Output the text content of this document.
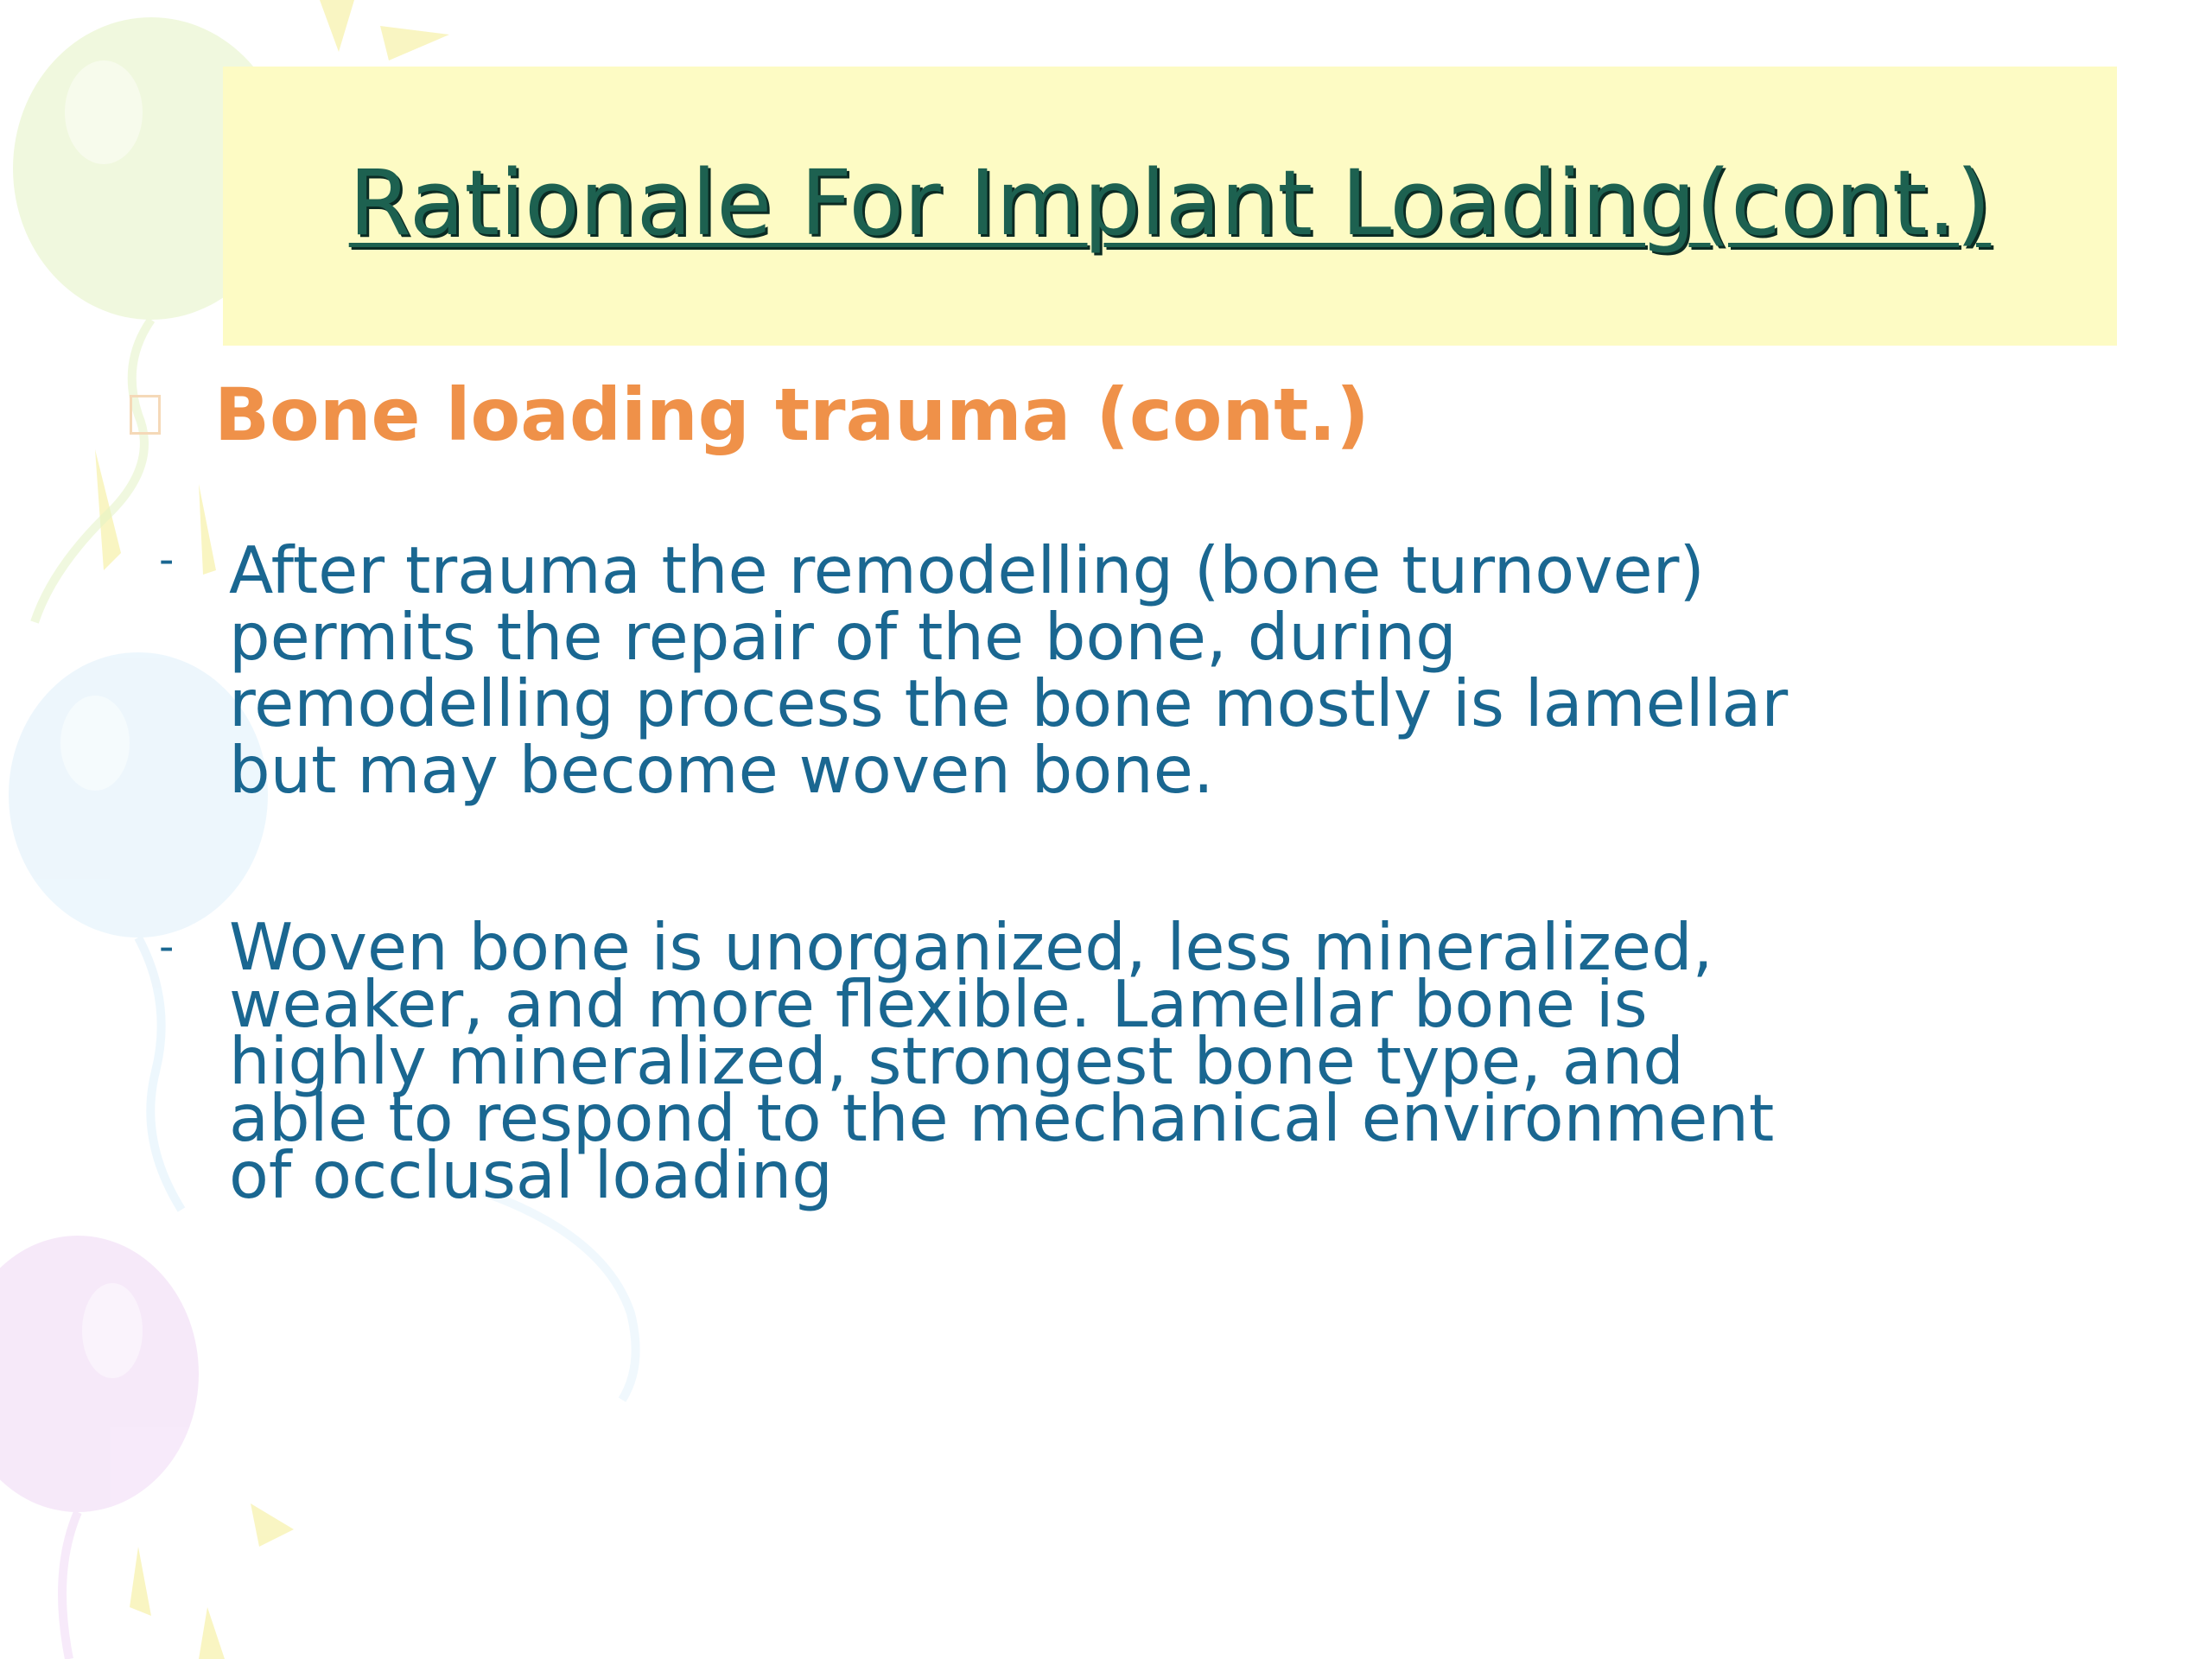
Rationale For Implant Loading(cont.)
Bone loading trauma (cont.)
- After trauma the remodelling (bone turnover)
permits the repair of the bone, during
remodelling process the bone mostly is lamellar
but may become woven bone.
- Woven bone is unorganized, less mineralized,
weaker, and more flexible. Lamellar bone is
highly mineralized, strongest bone type, and
able to respond to the mechanical environment
of occlusal loading
